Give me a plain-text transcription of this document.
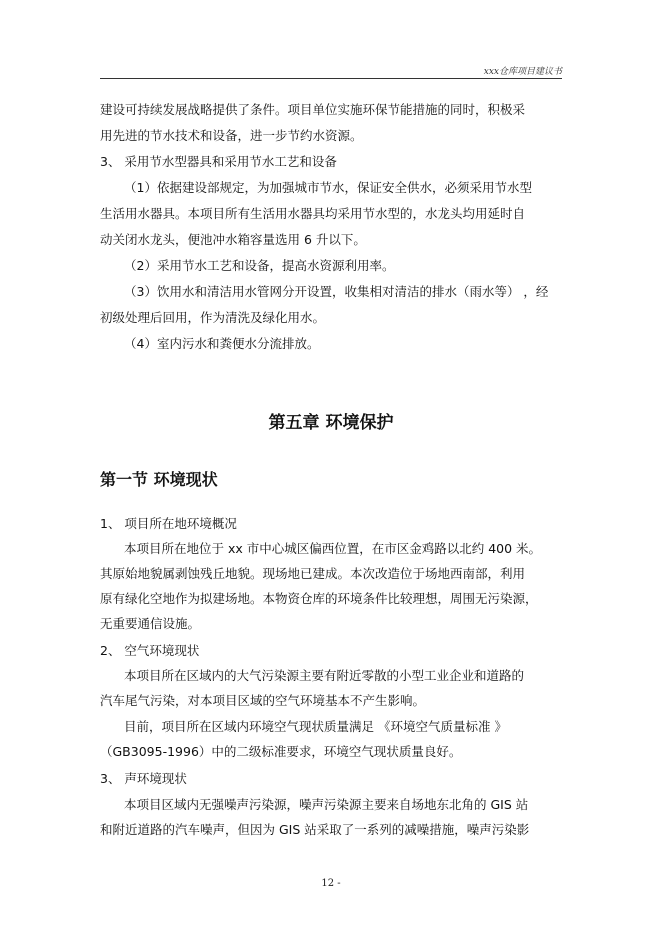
xxx仓库项目建议书
建设可持续发展战略提供了条件。项目单位实施环保节能措施的同时，积极采
用先进的节水技术和设备，进一步节约水资源。
3、 采用节水型器具和采用节水工艺和设备
（1）依据建设部规定，为加强城市节水，保证安全供水，必须采用节水型
生活用水器具。本项目所有生活用水器具均采用节水型的，水龙头均用延时自
动关闭水龙头，便池冲水箱容量选用 6 升以下。
（2）采用节水工艺和设备，提高水资源利用率。
（3）饮用水和清洁用水管网分开设置，收集相对清洁的排水（雨水等） ，经
初级处理后回用，作为清洗及绿化用水。
（4）室内污水和粪便水分流排放。
第五章 环境保护
第一节 环境现状
1、 项目所在地环境概况
本项目所在地位于 xx 市中心城区偏西位置，在市区金鸡路以北约 400 米。
其原始地貌属剥蚀残丘地貌。现场地已建成。本次改造位于场地西南部，利用
原有绿化空地作为拟建场地。本物资仓库的环境条件比较理想，周围无污染源，
无重要通信设施。
2、 空气环境现状
本项目所在区域内的大气污染源主要有附近零散的小型工业企业和道路的
汽车尾气污染，对本项目区域的空气环境基本不产生影响。
目前，项目所在区域内环境空气现状质量满足 《环境空气质量标准 》
（GB3095-1996）中的二级标准要求，环境空气现状质量良好。
3、 声环境现状
本项目区域内无强噪声污染源，噪声污染源主要来自场地东北角的 GIS 站
和附近道路的汽车噪声，但因为 GIS 站采取了一系列的减噪措施，噪声污染影
12 -
